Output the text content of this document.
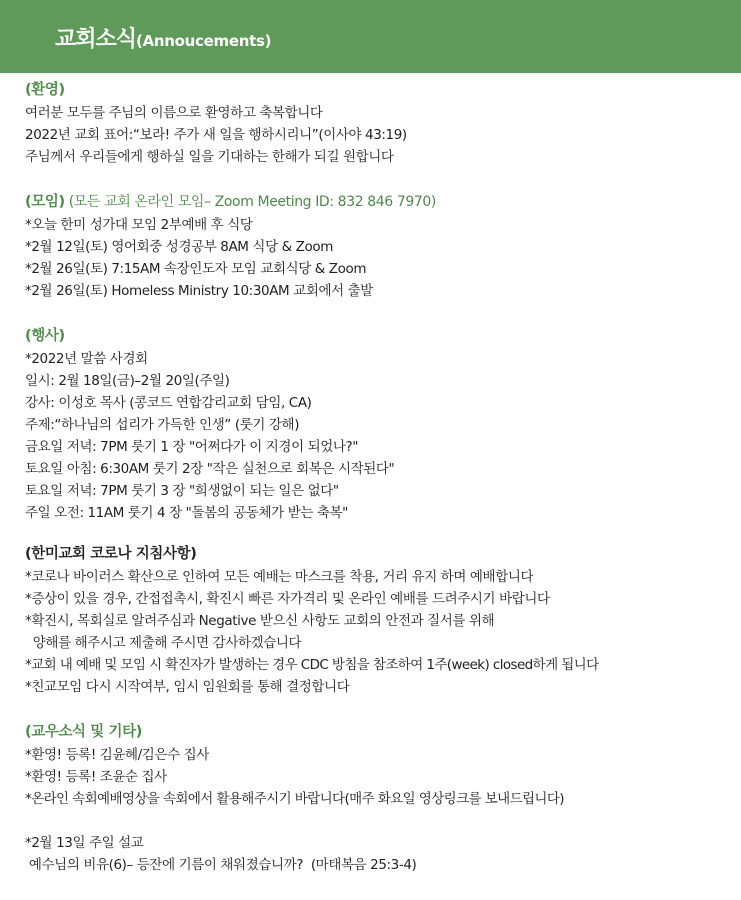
교회소식(Annoucements)
(환영)
여러분 모두를 주님의 이름으로 환영하고 축복합니다
2022년 교회 표어:“보라! 주가 새 일을 행하시리니”(이사야 43:19)
주님께서 우리들에게 행하실 일을 기대하는 한해가 되길 원합니다
(모임) (모든 교회 온라인 모임– Zoom Meeting ID: 832 846 7970)
*오늘 한미 성가대 모임 2부예배 후 식당
*2월 12일(토) 영어회중 성경공부 8AM 식당 & Zoom
*2월 26일(토) 7:15AM 속장인도자 모임 교회식당 & Zoom
*2월 26일(토) Homeless Ministry 10:30AM 교회에서 출발
(행사)
*2022년 말씀 사경회
일시: 2월 18일(금)–2월 20일(주일)
강사: 이성호 목사 (콩코드 연합감리교회 담임, CA)
주제:“하나님의 섭리가 가득한 인생” (룻기 강해)
금요일 저녁: 7PM 룻기 1 장 "어쩌다가 이 지경이 되었나?"
토요일 아침: 6:30AM 룻기 2장 "작은 실천으로 회복은 시작된다"
토요일 저녁: 7PM 룻기 3 장 "희생없이 되는 일은 없다"
주일 오전: 11AM 룻기 4 장 "돌봄의 공동체가 받는 축복"
(한미교회 코로나 지침사항)
*코로나 바이러스 확산으로 인하여 모든 예배는 마스크를 착용, 거리 유지 하며 예배합니다
*증상이 있을 경우, 간접접촉시, 확진시 빠른 자가격리 및 온라인 예배를 드려주시기 바랍니다
*확진시, 목회실로 알려주심과 Negative 받으신 사항도 교회의 안전과 질서를 위해
양해를 해주시고 제출해 주시면 감사하겠습니다
*교회 내 예배 및 모임 시 확진자가 발생하는 경우 CDC 방침을 참조하여 1주(week) closed하게 됩니다
*친교모임 다시 시작여부, 임시 임원회를 통해 결정합니다
(교우소식 및 기타)
*환영! 등록! 김윤혜/김은수 집사
*환영! 등록! 조윤순 집사
*온라인 속회예배영상을 속회에서 활용해주시기 바랍니다(매주 화요일 영상링크를 보내드립니다)
*2월 13일 주일 설교
예수님의 비유(6)– 등잔에 기름이 채워졌습니까?  (마태복음 25:3-4)
